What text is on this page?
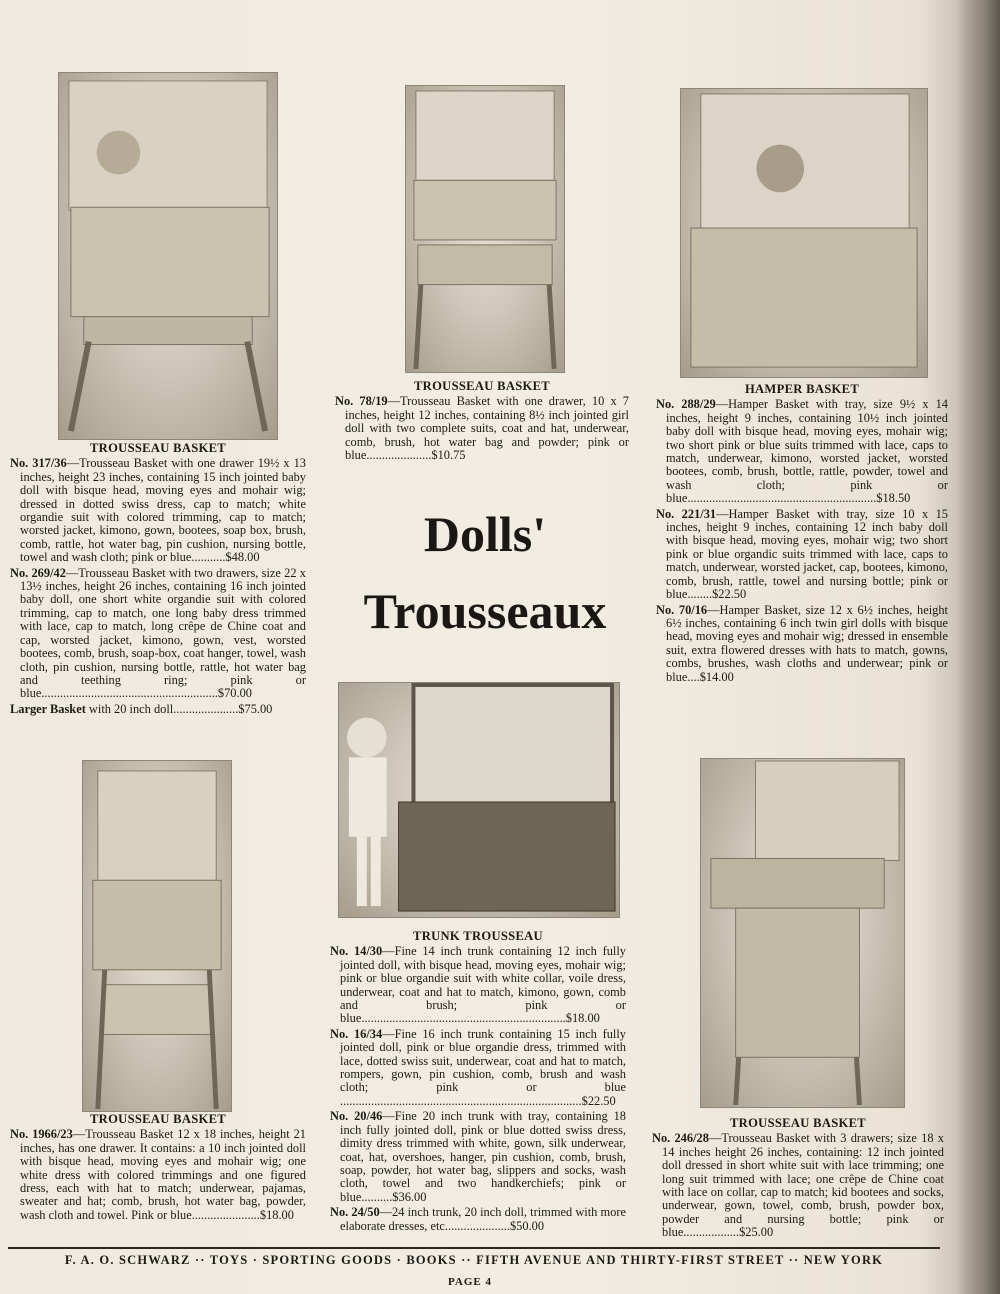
Dolls'
Trousseaux
TROUSSEAU BASKET

No. 317/36—Trousseau Basket with one drawer 19½ x 13 inches, height 23 inches, containing 15 inch jointed baby doll with bisque head, moving eyes and mohair wig; dressed in dotted swiss dress, cap to match; white organdie suit with colored trimming, cap to match; worsted jacket, kimono, gown, bootees, soap box, brush, comb, rattle, hot water bag, pin cushion, nursing bottle, towel and wash cloth; pink or blue...........$48.00

No. 269/42—Trousseau Basket with two drawers, size 22 x 13½ inches, height 26 inches, containing 16 inch jointed baby doll, one short white organdie suit with colored trimming, cap to match, one long baby dress trimmed with lace, cap to match, long crêpe de Chine coat and cap, worsted jacket, kimono, gown, vest, worsted bootees, comb, brush, soap-box, coat hanger, towel, wash cloth, pin cushion, nursing bottle, rattle, hot water bag and teething ring; pink or blue.........................................................$70.00

Larger Basket with 20 inch doll.....................$75.00

TROUSSEAU BASKET

No. 78/19—Trousseau Basket with one drawer, 10 x 7 inches, height 12 inches, containing 8½ inch jointed girl doll with two complete suits, coat and hat, underwear, comb, brush, hot water bag and powder; pink or blue.....................$10.75

HAMPER BASKET

No. 288/29—Hamper Basket with tray, size 9½ x 14 inches, height 9 inches, containing 10½ inch jointed baby doll with bisque head, moving eyes, mohair wig; two short pink or blue suits trimmed with lace, caps to match, underwear, kimono, worsted jacket, worsted bootees, comb, brush, bottle, rattle, powder, towel and wash cloth; pink or blue.............................................................$18.50

No. 221/31—Hamper Basket with tray, size 10 x 15 inches, height 9 inches, containing 12 inch baby doll with bisque head, moving eyes, mohair wig; two short pink or blue organdic suits trimmed with lace, caps to match, underwear, worsted jacket, cap, bootees, kimono, comb, brush, rattle, towel and nursing bottle; pink or blue........$22.50

No. 70/16—Hamper Basket, size 12 x 6½ inches, height 6½ inches, containing 6 inch twin girl dolls with bisque head, moving eyes and mohair wig; dressed in ensemble suit, extra flowered dresses with hats to match, gowns, combs, brushes, wash cloths and underwear; pink or blue....$14.00

TROUSSEAU BASKET

No. 1966/23—Trousseau Basket 12 x 18 inches, height 21 inches, has one drawer. It contains: a 10 inch jointed doll with bisque head, moving eyes and mohair wig; one white dress with colored trimmings and one figured dress, each with hat to match; underwear, pajamas, sweater and hat; comb, brush, hot water bag, powder, wash cloth and towel. Pink or blue......................$18.00

TRUNK TROUSSEAU

No. 14/30—Fine 14 inch trunk containing 12 inch fully jointed doll, with bisque head, moving eyes, mohair wig; pink or blue organdie suit with white collar, voile dress, underwear, coat and hat to match, kimono, gown, comb and brush; pink or blue..................................................................$18.00

No. 16/34—Fine 16 inch trunk containing 15 inch fully jointed doll, pink or blue organdie dress, trimmed with lace, dotted swiss suit, underwear, coat and hat to match, rompers, gown, pin cushion, comb, brush and wash cloth; pink or blue ..............................................................................$22.50

No. 20/46—Fine 20 inch trunk with tray, containing 18 inch fully jointed doll, pink or blue dotted swiss dress, dimity dress trimmed with white, gown, silk underwear, coat, hat, overshoes, hanger, pin cushion, comb, brush, soap, powder, hot water bag, slippers and socks, wash cloth, towel and two handkerchiefs; pink or blue..........$36.00

No. 24/50—24 inch trunk, 20 inch doll, trimmed with more elaborate dresses, etc.....................$50.00

TROUSSEAU BASKET

No. 246/28—Trousseau Basket with 3 drawers; size 18 x 14 inches height 26 inches, containing: 12 inch jointed doll dressed in short white suit with lace trimming; one long suit trimmed with lace; one crêpe de Chine coat with lace on collar, cap to match; kid bootees and socks, underwear, gown, towel, comb, brush, powder box, powder and nursing bottle; pink or blue..................$25.00

F. A. O. SCHWARZ ·· TOYS · SPORTING GOODS · BOOKS ·· FIFTH AVENUE AND THIRTY-FIRST STREET ·· NEW YORK
PAGE 4
